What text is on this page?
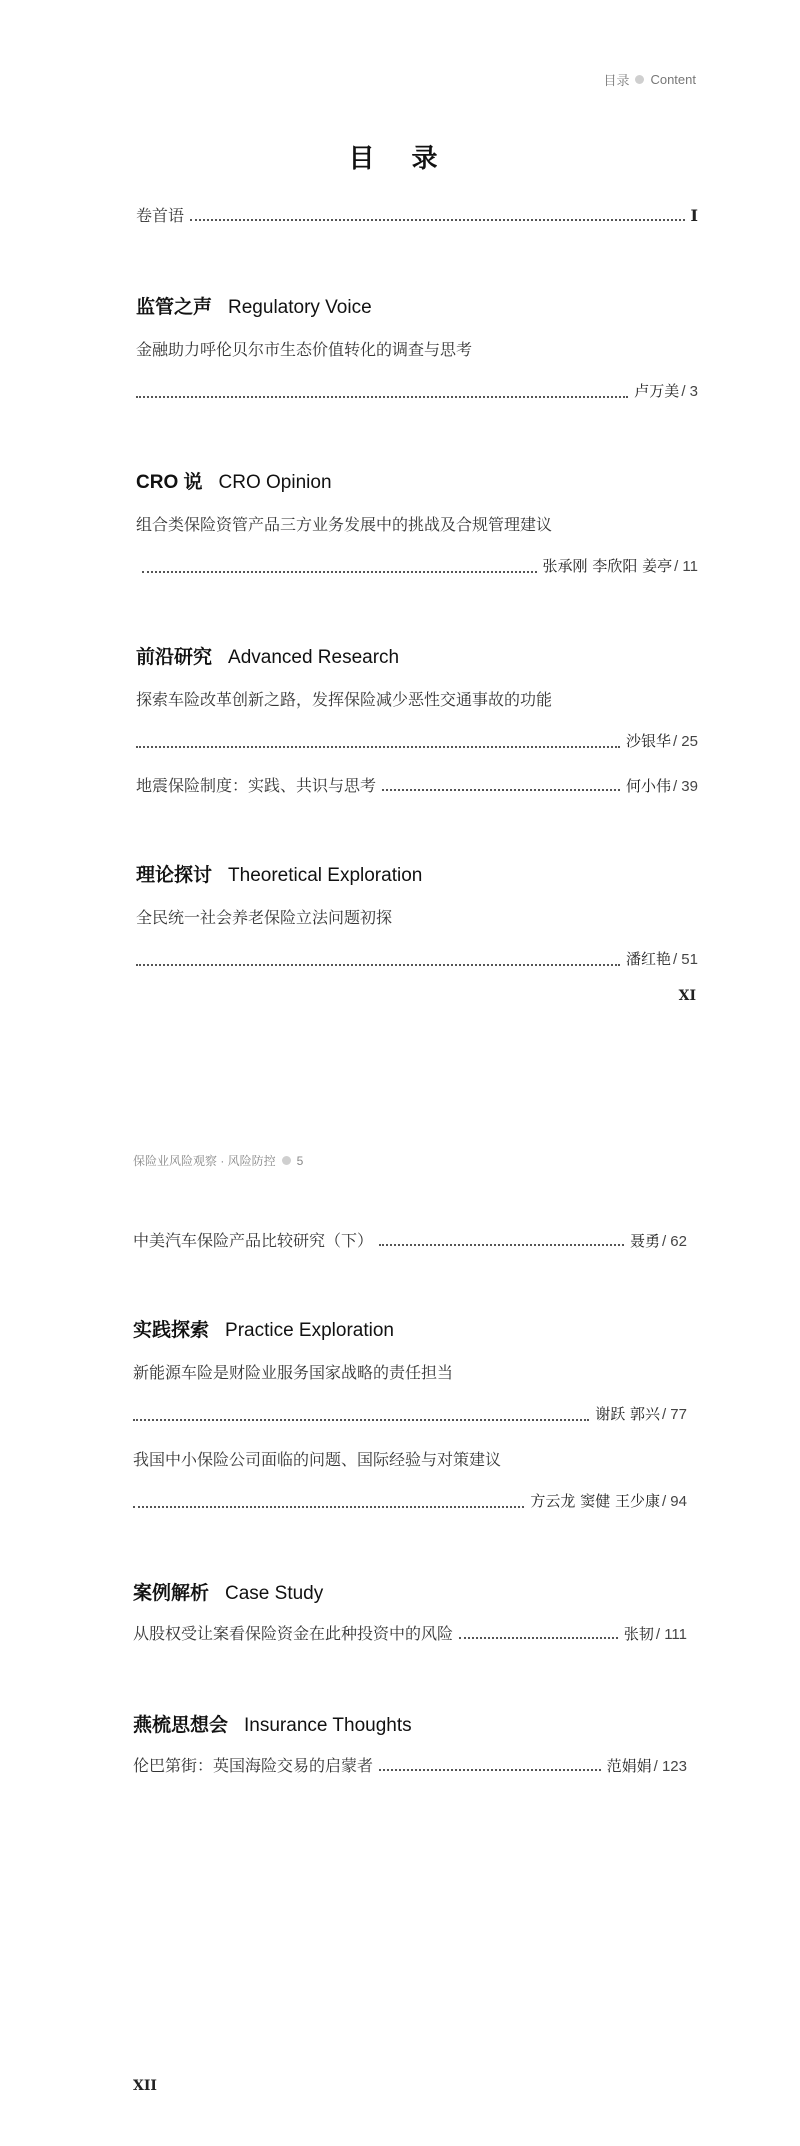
目录 Content
目 录
卷首语	I
监管之声 Regulatory Voice
金融助力呼伦贝尔市生态价值转化的调查与思考
卢万美 / 3
CRO 说 CRO Opinion
组合类保险资管产品三方业务发展中的挑战及合规管理建议
张承刚 李欣阳 姜亭 / 11
前沿研究 Advanced Research
探索车险改革创新之路，发挥保险减少恶性交通事故的功能
沙银华 / 25
地震保险制度：实践、共识与思考	何小伟 / 39
理论探讨 Theoretical Exploration
全民统一社会养老保险立法问题初探
潘红艳 / 51
XI
保险业风险观察 · 风险防控 5
中美汽车保险产品比较研究（下）	聂勇 / 62
实践探索 Practice Exploration
新能源车险是财险业服务国家战略的责任担当
谢跃 郭兴 / 77
我国中小保险公司面临的问题、国际经验与对策建议
方云龙 窦健 王少康 / 94
案例解析 Case Study
从股权受让案看保险资金在此种投资中的风险	张韧 / 111
燕梳思想会 Insurance Thoughts
伦巴第街：英国海险交易的启蒙者	范娟娟 / 123
XII
